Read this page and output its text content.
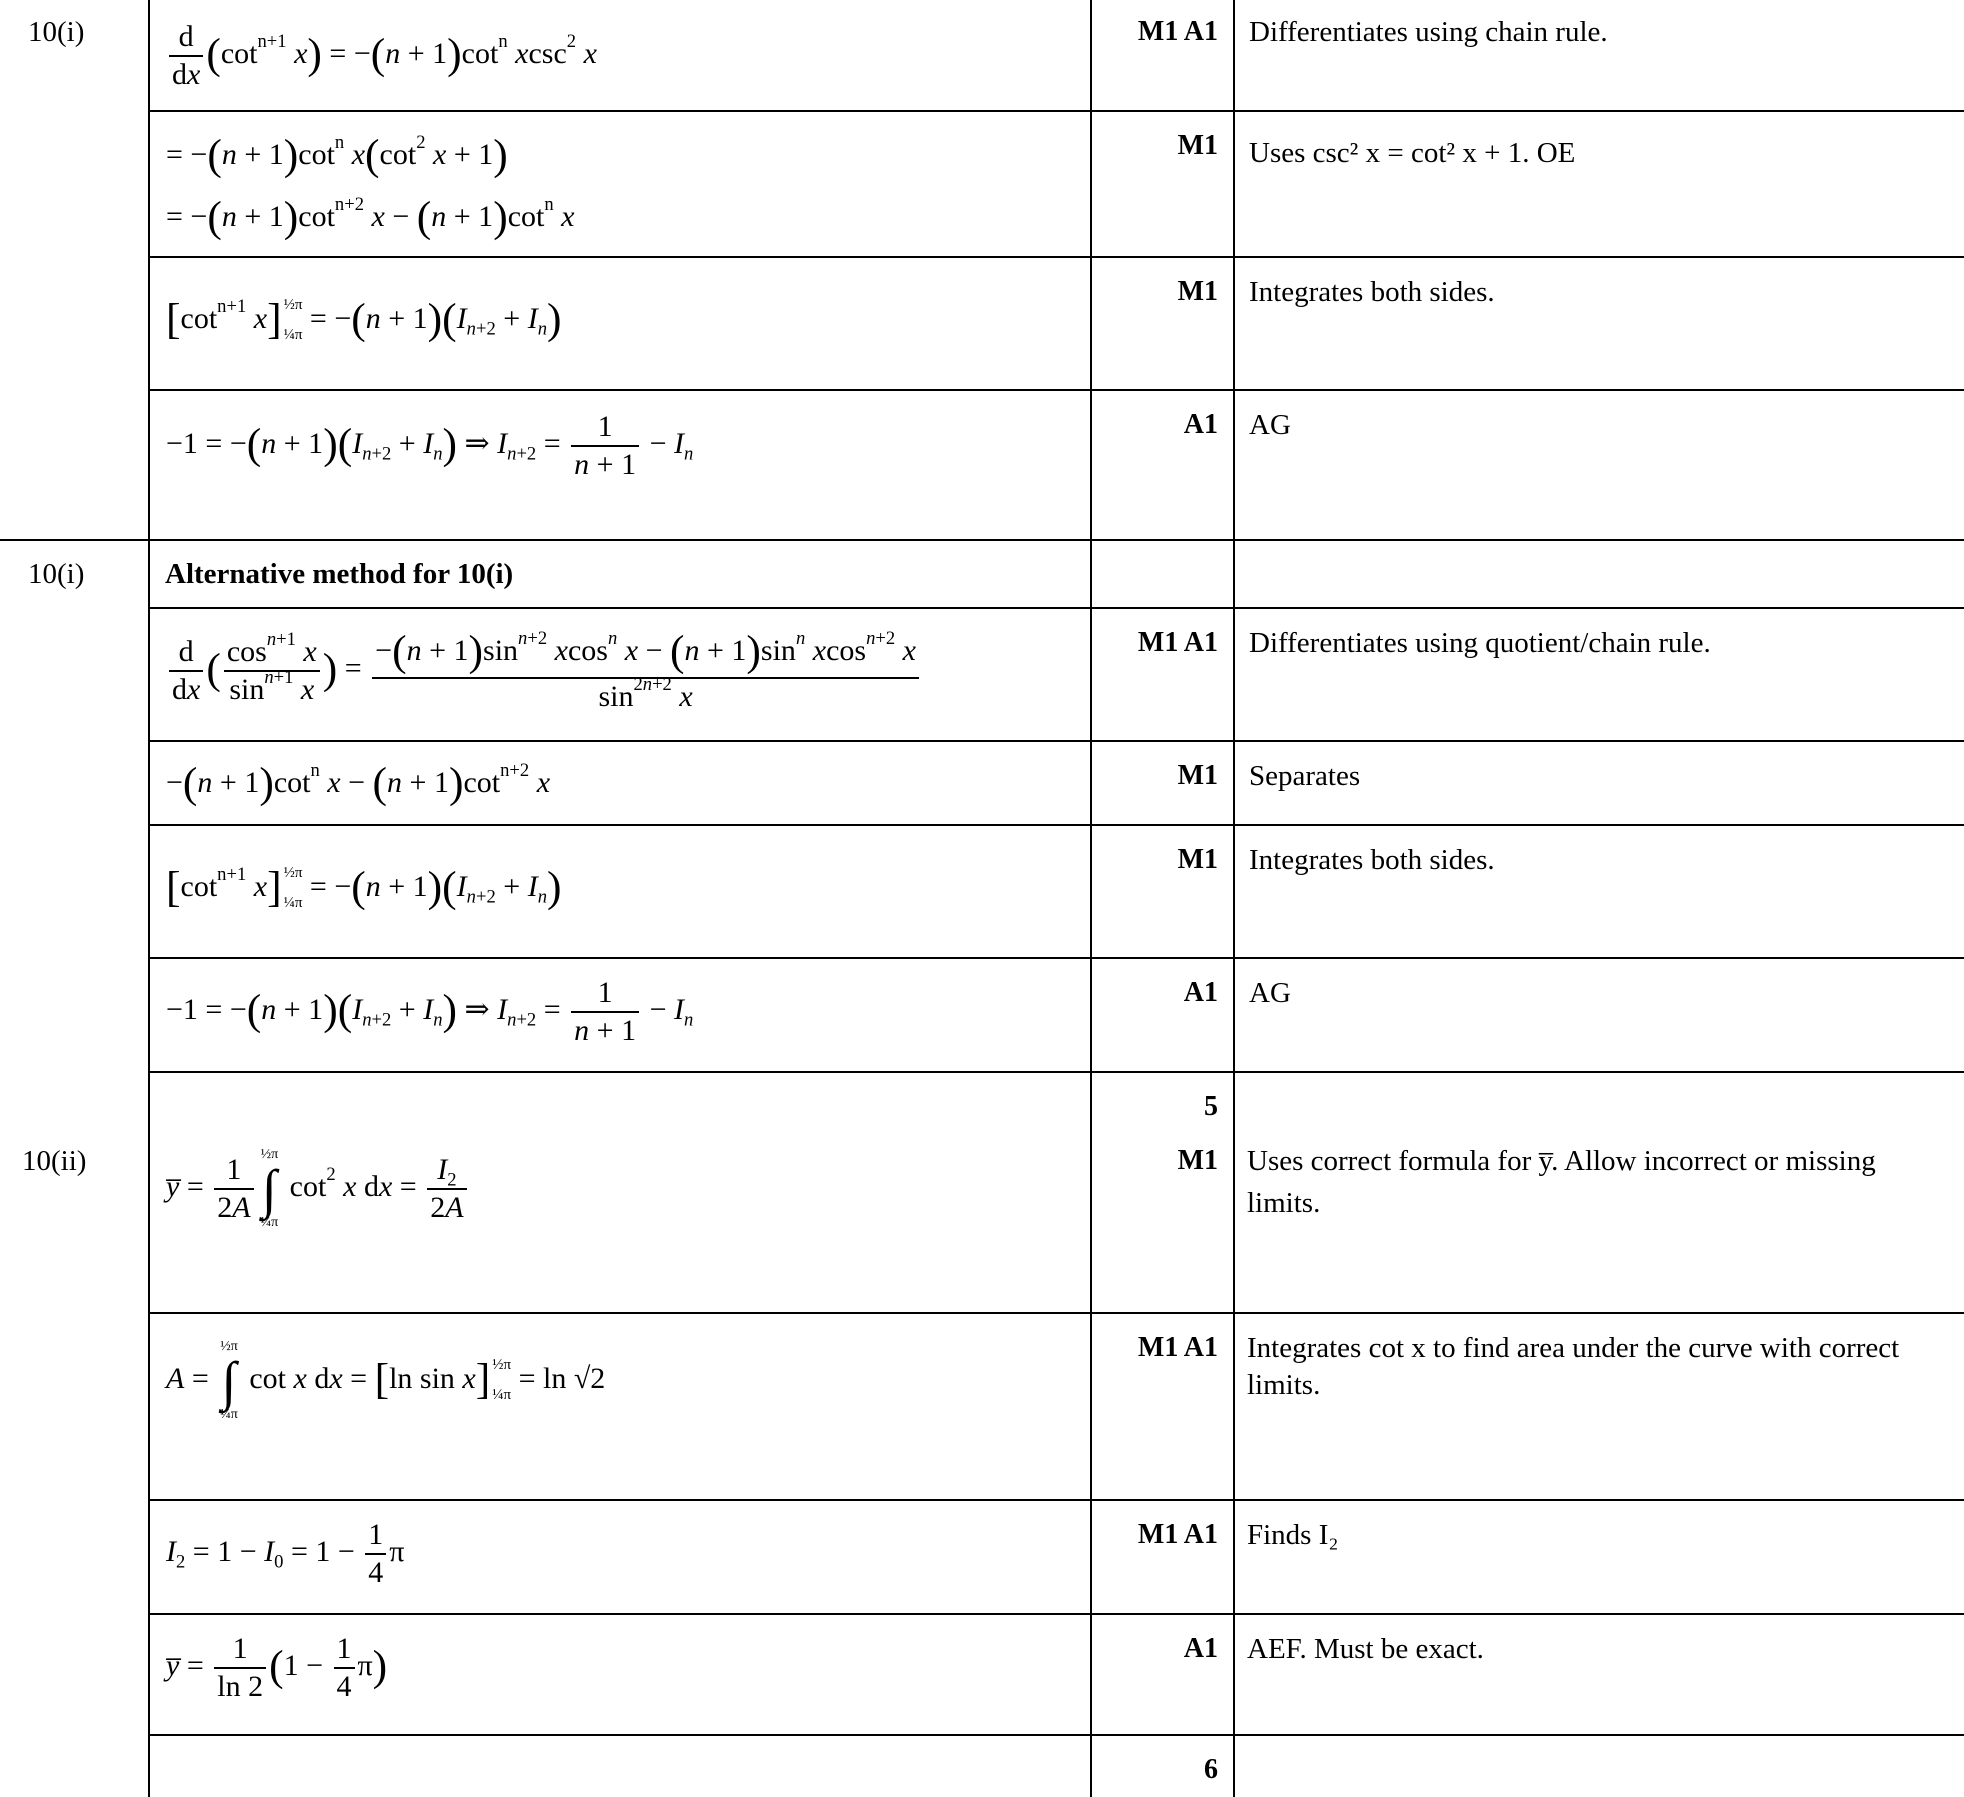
10(i)
10(i)
10(ii)
M1 A1
M1
M1
A1
M1 A1
M1
M1
A1
5
M1
M1 A1
M1 A1
A1
6
Differentiates using chain rule.
Uses csc² x = cot² x + 1. OE
Integrates both sides.
AG
Differentiates using quotient/chain rule.
Separates
Integrates both sides.
AG
Uses correct formula for y̅. Allow incorrect or missing
limits.
Integrates cot x to find area under the curve with correct
limits.
Finds I₂
AEF. Must be exact.
Alternative method for 10(i)
$\frac{d}{dx} (\cot^{n+1}$ $x) = -(n + 1)\cot^n$ xcsc$^2$ x
= $-(n + 1)\cot^n$ $x(\cot^2$ x + 1)
= $-(n + 1)\cot^{n+2}$ $x - (n + 1)\cot^n$ x
[$\cot^{n+1}$ x] ½π
¼π
= $-(n + 1)(I_{n+2} + I_n)$
$-1 = -(n + 1)(I_{n+2} + I_n)$ ⇒ $I_{n+2} = \frac{1}{n + 1} - I_n$
$\frac{d}{dx}$ ( $\frac{\cos^{n+1} x}{\sin^{n+1} x}$ ) = $\frac{-(n + 1)\sin^{n+2} xcos^n x - (n + 1)\sin^n xcos^{n+2} x}{\sin^{2n+2} x}$
$-(n + 1)\cot^n$ $x - (n + 1)\cot^{n+2}$ x
[$\cot^{n+1}$ x] ½π
¼π
= $-(n + 1)(I_{n+2} + I_n)$
$-1 = -(n + 1)(I_{n+2} + I_n)$ ⇒ $I_{n+2} = \frac{1}{n + 1} - I_n$
y̅ = $\frac{1}{2A}$
½π
∫
¼π $\cot^2 x$ dx = $\frac{I_2}{2A}$
A = ½π
∫
¼π cot x dx = [ln sin x] ½π
¼π
= ln √2
$I_2 = 1 - I_0 = 1 - \frac{1}{4}$ π
y̅ = $\frac{1}{\ln 2} (1 - \frac{1}{4} \pi)$
